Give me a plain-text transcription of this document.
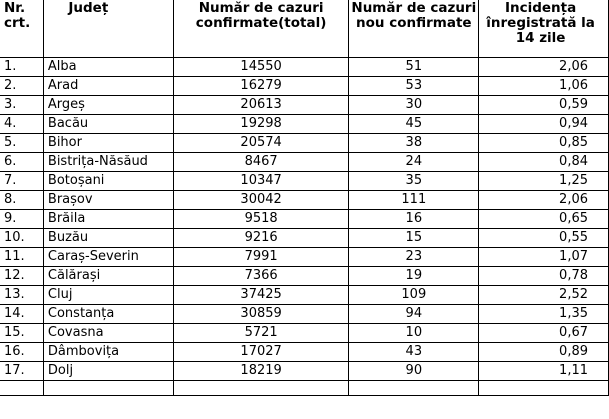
Nr. crt.	Județ	Număr de cazuri confirmate(total)	Număr de cazuri nou confirmate	Incidența înregistrată la 14 zile
1.	Alba	14550	51	2,06
2.	Arad	16279	53	1,06
3.	Argeș	20613	30	0,59
4.	Bacău	19298	45	0,94
5.	Bihor	20574	38	0,85
6.	Bistrița-Năsăud	8467	24	0,84
7.	Botoșani	10347	35	1,25
8.	Brașov	30042	111	2,06
9.	Brăila	9518	16	0,65
10.	Buzău	9216	15	0,55
11.	Caraș-Severin	7991	23	1,07
12.	Călărași	7366	19	0,78
13.	Cluj	37425	109	2,52
14.	Constanța	30859	94	1,35
15.	Covasna	5721	10	0,67
16.	Dâmbovița	17027	43	0,89
17.	Dolj	18219	90	1,11
